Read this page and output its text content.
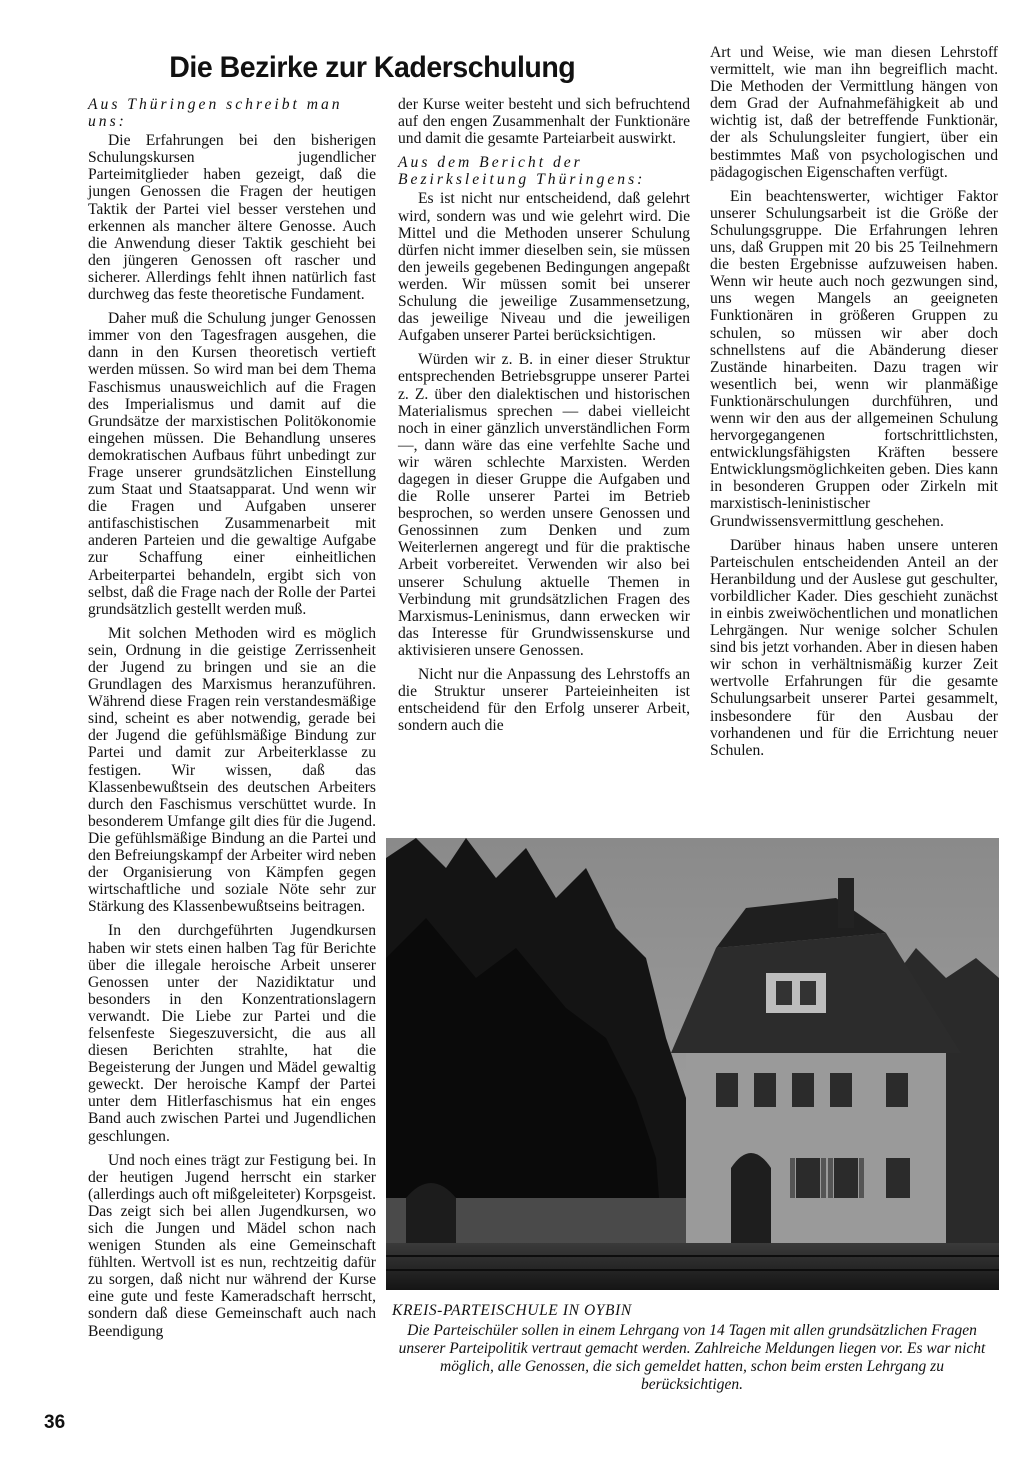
Die Bezirke zur Kaderschulung

Aus Thüringen schreibt man uns:

Die Erfahrungen bei den bisherigen Schulungskursen jugendlicher Parteimitglieder haben gezeigt, daß die jungen Genossen die Fragen der heutigen Taktik der Partei viel besser verstehen und erkennen als mancher ältere Genosse. Auch die Anwendung dieser Taktik geschieht bei den jüngeren Genossen oft rascher und sicherer. Allerdings fehlt ihnen natürlich fast durchweg das feste theoretische Fundament.

Daher muß die Schulung junger Genossen immer von den Tagesfragen ausgehen, die dann in den Kursen theoretisch vertieft werden müssen. So wird man bei dem Thema Faschismus unausweichlich auf die Fragen des Imperialismus und damit auf die Grundsätze der marxistischen Politökonomie eingehen müssen. Die Behandlung unseres demokratischen Aufbaus führt unbedingt zur Frage unserer grundsätzlichen Einstellung zum Staat und Staatsapparat. Und wenn wir die Fragen und Aufgaben unserer antifaschistischen Zusammenarbeit mit anderen Parteien und die gewaltige Aufgabe zur Schaffung einer einheitlichen Arbeiterpartei behandeln, ergibt sich von selbst, daß die Frage nach der Rolle der Partei grundsätzlich gestellt werden muß.

Mit solchen Methoden wird es möglich sein, Ordnung in die geistige Zerrissenheit der Jugend zu bringen und sie an die Grundlagen des Marxismus heranzuführen. Während diese Fragen rein verstandesmäßige sind, scheint es aber notwendig, gerade bei der Jugend die gefühlsmäßige Bindung zur Partei und damit zur Arbeiterklasse zu festigen. Wir wissen, daß das Klassenbewußtsein des deutschen Arbeiters durch den Faschismus verschüttet wurde. In besonderem Umfange gilt dies für die Jugend. Die gefühlsmäßige Bindung an die Partei und den Befreiungskampf der Arbeiter wird neben der Organisierung von Kämpfen gegen wirtschaftliche und soziale Nöte sehr zur Stärkung des Klassenbewußtseins beitragen.

In den durchgeführten Jugendkursen haben wir stets einen halben Tag für Berichte über die illegale heroische Arbeit unserer Genossen unter der Nazidiktatur und besonders in den Konzentrationslagern verwandt. Die Liebe zur Partei und die felsenfeste Siegeszuversicht, die aus all diesen Berichten strahlte, hat die Begeisterung der Jungen und Mädel gewaltig geweckt. Der heroische Kampf der Partei unter dem Hitlerfaschismus hat ein enges Band auch zwischen Partei und Jugendlichen geschlungen.

Und noch eines trägt zur Festigung bei. In der heutigen Jugend herrscht ein starker (allerdings auch oft mißgeleiteter) Korpsgeist. Das zeigt sich bei allen Jugendkursen, wo sich die Jungen und Mädel schon nach wenigen Stunden als eine Gemeinschaft fühlten. Wertvoll ist es nun, rechtzeitig dafür zu sorgen, daß nicht nur während der Kurse eine gute und feste Kameradschaft herrscht, sondern daß diese Gemeinschaft auch nach Beendigung

der Kurse weiter besteht und sich befruchtend auf den engen Zusammenhalt der Funktionäre und damit die gesamte Parteiarbeit auswirkt.

Aus dem Bericht der Bezirksleitung Thüringens:

Es ist nicht nur entscheidend, daß gelehrt wird, sondern was und wie gelehrt wird. Die Mittel und die Methoden unserer Schulung dürfen nicht immer dieselben sein, sie müssen den jeweils gegebenen Bedingungen angepaßt werden. Wir müssen somit bei unserer Schulung die jeweilige Zusammensetzung, das jeweilige Niveau und die jeweiligen Aufgaben unserer Partei berücksichtigen.

Würden wir z. B. in einer dieser Struktur entsprechenden Betriebsgruppe unserer Partei z. Z. über den dialektischen und historischen Materialismus sprechen — dabei vielleicht noch in einer gänzlich unverständlichen Form —, dann wäre das eine verfehlte Sache und wir wären schlechte Marxisten. Werden dagegen in dieser Gruppe die Aufgaben und die Rolle unserer Partei im Betrieb besprochen, so werden unsere Genossen und Genossinnen zum Denken und zum Weiterlernen angeregt und für die praktische Arbeit vorbereitet. Verwenden wir also bei unserer Schulung aktuelle Themen in Verbindung mit grundsätzlichen Fragen des Marxismus-Leninismus, dann erwecken wir das Interesse für Grundwissenskurse und aktivisieren unsere Genossen.

Nicht nur die Anpassung des Lehrstoffs an die Struktur unserer Parteieinheiten ist entscheidend für den Erfolg unserer Arbeit, sondern auch die

Art und Weise, wie man diesen Lehrstoff vermittelt, wie man ihn begreiflich macht. Die Methoden der Vermittlung hängen von dem Grad der Aufnahmefähigkeit ab und wichtig ist, daß der betreffende Funktionär, der als Schulungsleiter fungiert, über ein bestimmtes Maß von psychologischen und pädagogischen Eigenschaften verfügt.

Ein beachtenswerter, wichtiger Faktor unserer Schulungsarbeit ist die Größe der Schulungsgruppe. Die Erfahrungen lehren uns, daß Gruppen mit 20 bis 25 Teilnehmern die besten Ergebnisse aufzuweisen haben. Wenn wir heute auch noch gezwungen sind, uns wegen Mangels an geeigneten Funktionären in größeren Gruppen zu schulen, so müssen wir aber doch schnellstens auf die Abänderung dieser Zustände hinarbeiten. Dazu tragen wir wesentlich bei, wenn wir planmäßige Funktionärschulungen durchführen, und wenn wir den aus der allgemeinen Schulung hervorgegangenen fortschrittlichsten, entwicklungsfähigsten Kräften bessere Entwicklungsmöglichkeiten geben. Dies kann in besonderen Gruppen oder Zirkeln mit marxistisch-leninistischer Grundwissensvermittlung geschehen.

Darüber hinaus haben unsere unteren Parteischulen entscheidenden Anteil an der Heranbildung und der Auslese gut geschulter, vorbildlicher Kader. Dies geschieht zunächst in einbis zweiwöchentlichen und monatlichen Lehrgängen. Nur wenige solcher Schulen sind bis jetzt vorhanden. Aber in diesen haben wir schon in verhältnismäßig kurzer Zeit wertvolle Erfahrungen für die gesamte Schulungsarbeit unserer Partei gesammelt, insbesondere für den Ausbau der vorhandenen und für die Errichtung neuer Schulen.

KREIS-PARTEISCHULE IN OYBIN
Die Parteischüler sollen in einem Lehrgang von 14 Tagen mit allen grundsätzlichen Fragen unserer Parteipolitik vertraut gemacht werden. Zahlreiche Meldungen liegen vor. Es war nicht möglich, alle Genossen, die sich gemeldet hatten, schon beim ersten Lehrgang zu berücksichtigen.
36
